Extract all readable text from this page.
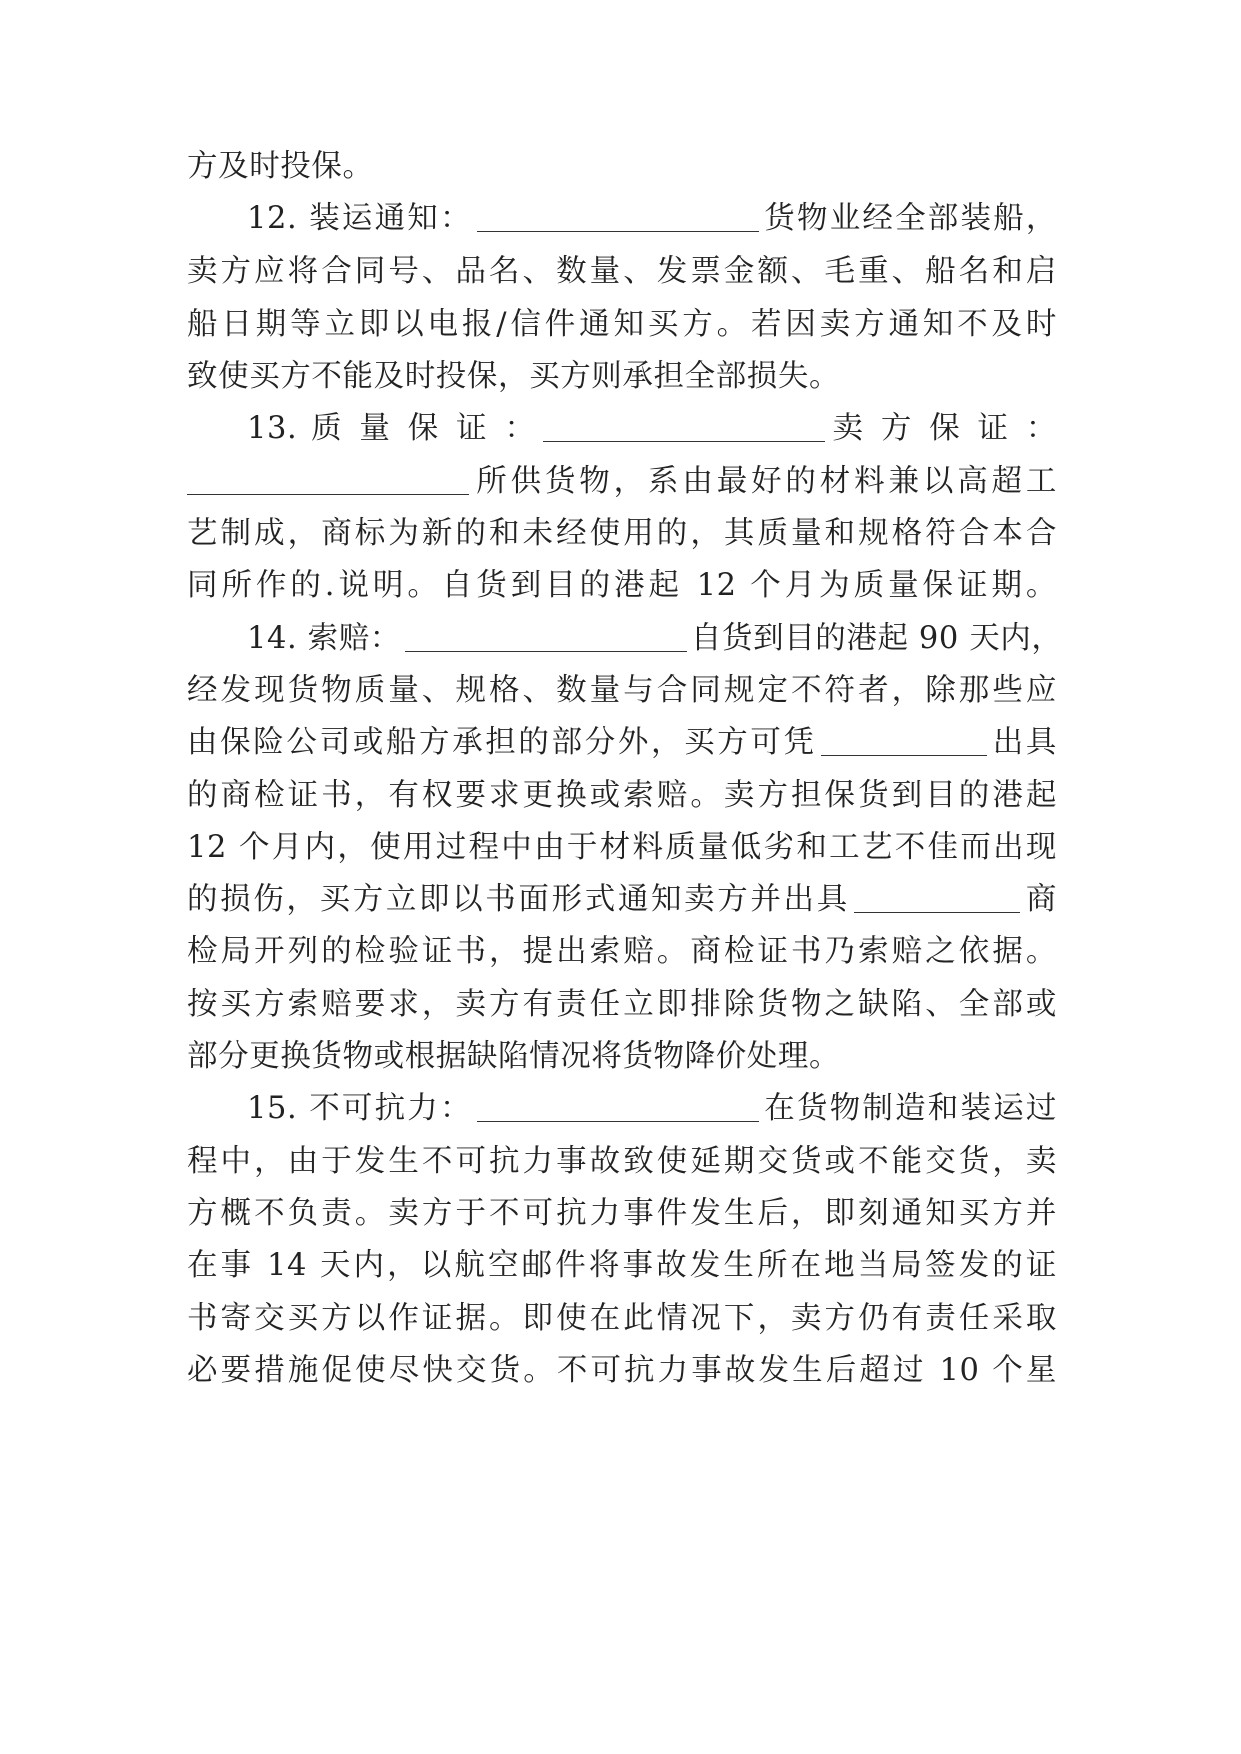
方及时投保。
12. 装运通知：	货物业经全部装船，
卖方应将合同号、品名、数量、发票金额、毛重、船名和启
船日期等立即以电报/信件通知买方。若因卖方通知不及时
致使买方不能及时投保，买方则承担全部损失。
13. 质 量 保 证 ：	卖 方 保 证 ：
所供货物，系由最好的材料兼以高超工
艺制成，商标为新的和未经使用的，其质量和规格符合本合
同所作的.说明。自货到目的港起 12 个月为质量保证期。
14. 索赔：	自货到目的港起 90 天内，
经发现货物质量、规格、数量与合同规定不符者，除那些应
由保险公司或船方承担的部分外，买方可凭	出具
的商检证书，有权要求更换或索赔。卖方担保货到目的港起
12 个月内，使用过程中由于材料质量低劣和工艺不佳而出现
的损伤，买方立即以书面形式通知卖方并出具	商
检局开列的检验证书，提出索赔。商检证书乃索赔之依据。
按买方索赔要求，卖方有责任立即排除货物之缺陷、全部或
部分更换货物或根据缺陷情况将货物降价处理。
15. 不可抗力：	在货物制造和装运过
程中，由于发生不可抗力事故致使延期交货或不能交货，卖
方概不负责。卖方于不可抗力事件发生后，即刻通知买方并
在事 14 天内，以航空邮件将事故发生所在地当局签发的证
书寄交买方以作证据。即使在此情况下，卖方仍有责任采取
必要措施促使尽快交货。不可抗力事故发生后超过 10 个星
